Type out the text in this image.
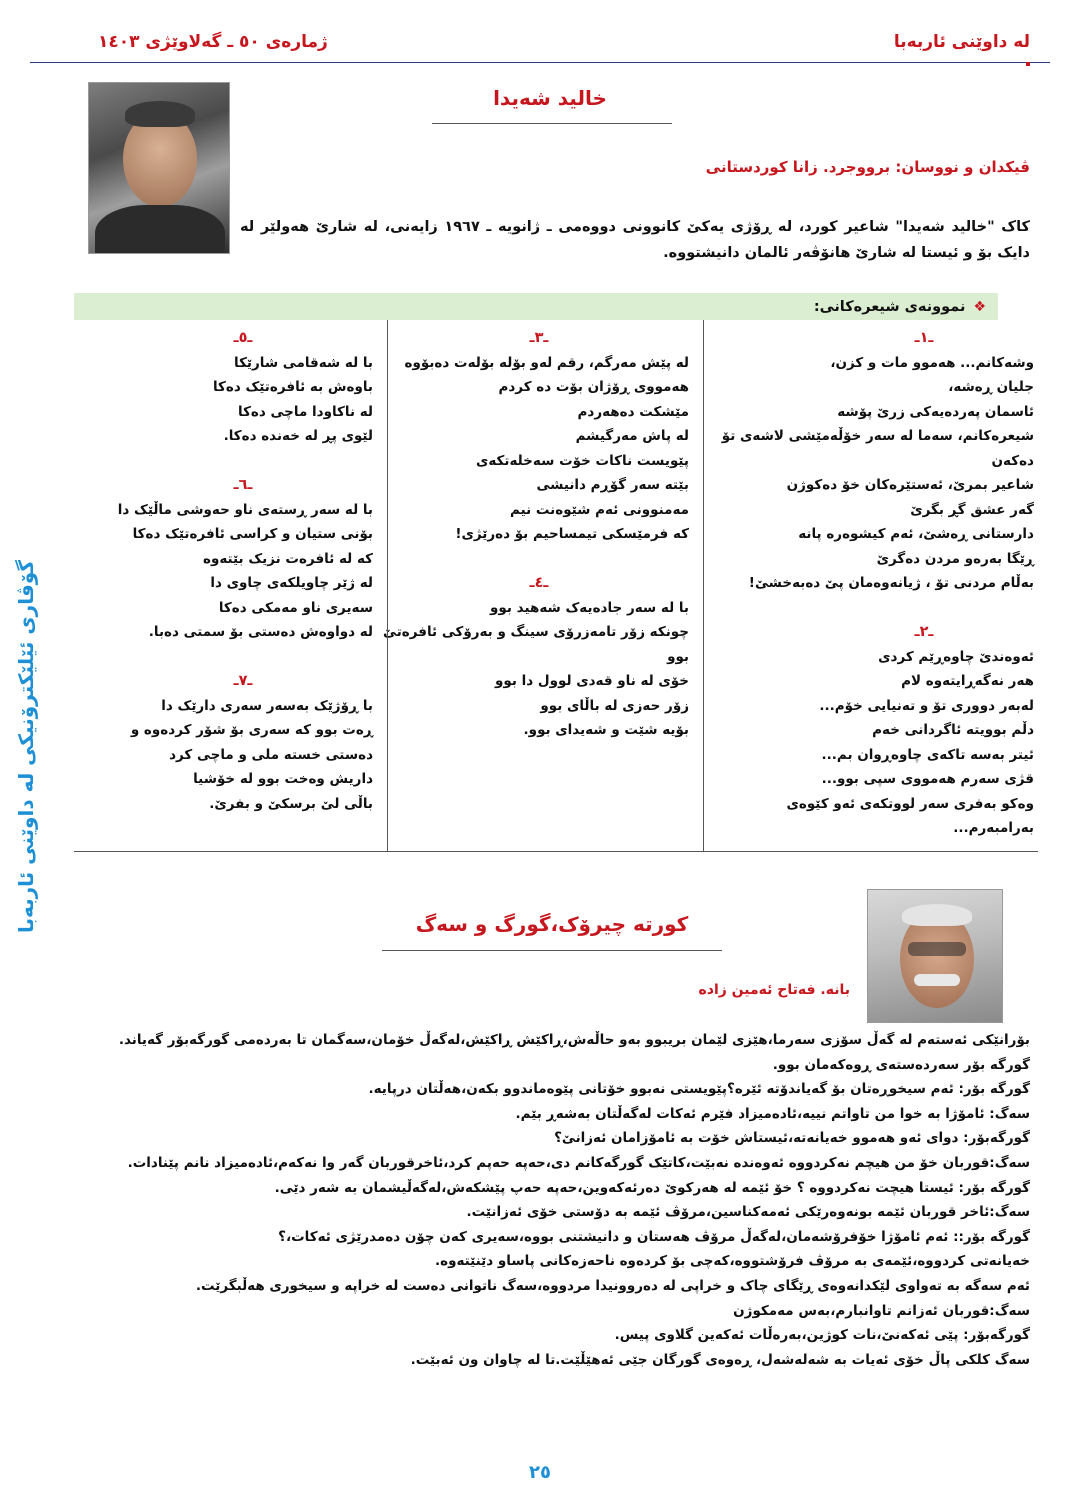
ژمارەی ٥٠ ـ گەلاوێژی ١٤٠٣	لە داوێنی ئاربەبا
گۆڤاری ئێلێکترۆنیکی لە داوێنی ئاربەبا
خالید شەیدا
ڤیکدان و نووسان: برووجرد. زانا کوردستانی
کاک "خالید شەیدا" شاعیر کورد، لە ڕۆژی یەکێ کانوونی دووەمی ـ ژانویە ـ ١٩٦٧ زایەنی، لە شارێ هەولێر لە دایک بۆ و ئیستا لە شارێ هانۆڤەر ئالمان دانیشتووە.
❖
نموونەی شیعرەکانی:
ـ١ـ
وشەکانم... هەموو مات و کزن،
جلیان ڕەشە،
ئاسمان پەردەیەکی زرێ پۆشە
شیعرەکانم، سەما لە سەر خۆڵەمێشی لاشەی تۆ
دەکەن
شاعیر بمرێ، ئەستێرەکان خۆ دەکوژن
گەر عشق گڕ بگرێ
دارستانی ڕەشێ، ئەم کیشوەرە پانە
ڕێگا بەرەو مردن دەگرێ
بەڵام مردنی تۆ ، ژیانەوەمان پێ دەبەخشێ!
ـ٢ـ
ئەوەندێ چاوەڕێم کردی
هەر نەگەڕایتەوە لام
لەبەر دووری تۆ و تەنیایی خۆم...
دڵم بوویتە ئاگردانی خەم
ئیتر بەسە تاکەی چاوەڕوان بم...
قژی سەرم هەمووی سپی بوو...
وەکو بەفری سەر لووتکەی ئەو کێوەی
بەرامبەرم...
ـ٣ـ
لە پێش مەرگم، رقم لەو بۆلە بۆلەت دەبۆوە
هەمووی ڕۆژان بۆت دە کردم
مێشکت دەهەردم
لە پاش مەرگیشم
پێویست ناکات خۆت سەخلەتکەی
بێتە سەر گۆڕم دانیشی
مەمنوونی ئەم شێوەنت نیم
کە فرمێسکی تیمساحیم بۆ دەرێژی!
ـ٤ـ
با لە سەر جادەیەک شەهید بوو
چونکە زۆر تامەزرۆی سینگ و بەرۆکی ئافرەتێ
بوو
خۆی لە ناو قەدی لوول دا بوو
زۆر حەزی لە باڵای بوو
بۆیە شێت و شەیدای بوو.
ـ٥ـ
با لە شەقامی شارێکا
باوەش بە ئافرەتێک دەکا
لە ناکاودا ماچی دەکا
لێوی پڕ لە خەندە دەکا.
ـ٦ـ
با لە سەر ڕستەی ناو حەوشی ماڵێک دا
بۆنی ستیان و کراسی ئافرەتێک دەکا
کە لە ئافرەت نزیک بێتەوە
لە ژێر چاویلکەی چاوی دا
سەیری ناو مەمکی دەکا
لە دواوەش دەستی بۆ سمتی دەبا.
ـ٧ـ
با ڕۆژێک بەسەر سەری دارێک دا
ڕەت بوو کە سەری بۆ شۆر کردەوە و
دەستی خستە ملی و ماچی کرد
داریش وەخت بوو لە خۆشیا
باڵی لێ برسکێ و بفرێ.
کورتە چیرۆک،گورگ و سەگ
بانە. فەتاح ئەمین زادە
بۆرانێکی ئەستەم لە گەڵ سۆزی سەرما،هێزی لێمان بریبوو بەو حاڵەش،ڕاکێش ڕاکێش،لەگەڵ خۆمان،سەگمان تا بەردەمی گورگەبۆر گەیاند.
گورگە بۆر سەردەستەی ڕوەکەمان بوو.
گورگە بۆر: ئەم سیخوڕەتان بۆ گەیاندۆتە ئێرە؟پێویستی نەبوو خۆتانی پێوەماندوو بکەن،هەڵتان درپایە.
سەگ: ئامۆژا بە خوا من تاواتم نییە،ئادەمیزاد فێرم ئەکات لەگەڵتان بەشەڕ بێم.
گورگەبۆر: دوای ئەو هەموو خەیانەتە،ئیستاش خۆت بە ئامۆزامان ئەزانێ؟
سەگ:قوربان خۆ من هیچم نەکردووە ئەوەندە نەبێت،کاتێک گورگەکانم دی،حەپە حەپم کرد،ئاخرقوربان گەر وا نەکەم،ئادەمیزاد نانم پێنادات.
گورگە بۆر: ئیستا هیچت نەکردووە ؟ خۆ ئێمە لە هەرکوێ دەرئەکەوین،حەپە حەپ پێشکەش،لەگەڵیشمان بە شەر دێی.
سەگ:ئاخر قوربان ئێمە بونەوەرێکی ئەمەکناسین،مرۆڤ ئێمە بە دۆستی خۆی ئەزانێت.
گورگە بۆر:: ئەم ئامۆژا خۆفرۆشەمان،لەگەڵ مرۆڤ هەستان و دانیشتنی بووە،سەیری کەن چۆن دەمدرێژی ئەکات،؟
خەیانەتی کردووە،ئێمەی بە مرۆڤ فرۆشتووە،کەچی بۆ کردەوە ناحەزەکانی پاساو دێنێتەوە.
ئەم سەگە بە تەواوی لێکدانەوەی ڕێگای چاک و خراپی لە دەروونیدا مردووە،سەگ ناتوانی دەست لە خراپە و سیخوری هەڵبگرێت.
سەگ:قوربان ئەزانم تاوانبارم،بەس مەمکوژن
گورگەبۆر: پێی ئەکەنێ،نات کوژین،بەرەڵات ئەکەین گلاوی پیس.
سەگ کلکی پاڵ خۆی ئەیات بە شەلەشەل، ڕەوەی گورگان جێی ئەهێڵێت.تا لە چاوان ون ئەبێت.
٢٥
